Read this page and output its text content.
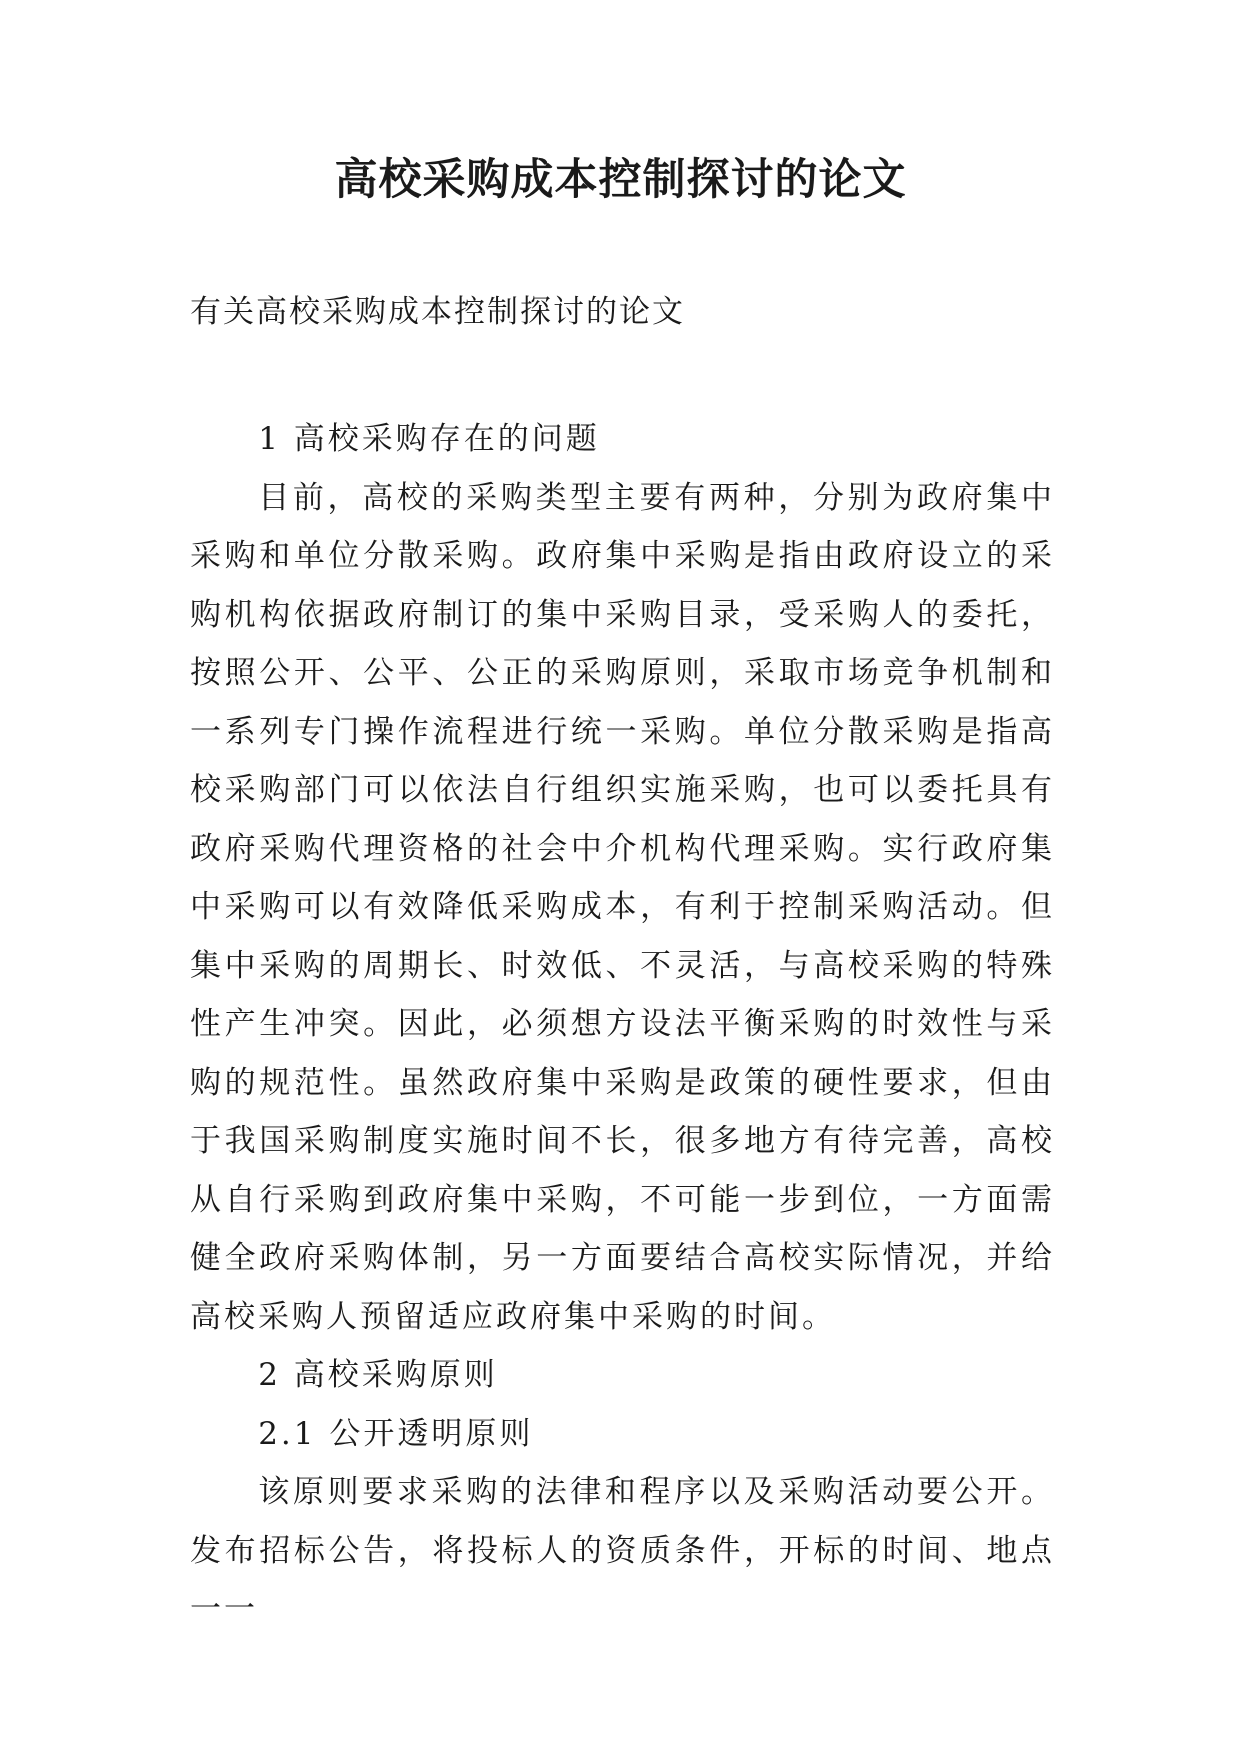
高校采购成本控制探讨的论文
有关高校采购成本控制探讨的论文

1 高校采购存在的问题

目前，高校的采购类型主要有两种，分别为政府集中采购和单位分散采购。政府集中采购是指由政府设立的采购机构依据政府制订的集中采购目录，受采购人的委托，按照公开、公平、公正的采购原则，采取市场竞争机制和一系列专门操作流程进行统一采购。单位分散采购是指高校采购部门可以依法自行组织实施采购，也可以委托具有政府采购代理资格的社会中介机构代理采购。实行政府集中采购可以有效降低采购成本，有利于控制采购活动。但集中采购的周期长、时效低、不灵活，与高校采购的特殊性产生冲突。因此，必须想方设法平衡采购的时效性与采购的规范性。虽然政府集中采购是政策的硬性要求，但由于我国采购制度实施时间不长，很多地方有待完善，高校从自行采购到政府集中采购，不可能一步到位，一方面需健全政府采购体制，另一方面要结合高校实际情况，并给高校采购人预留适应政府集中采购的时间。

2 高校采购原则

2.1 公开透明原则

该原则要求采购的法律和程序以及采购活动要公开。发布招标公告，将投标人的资质条件，开标的时间、地点一一
